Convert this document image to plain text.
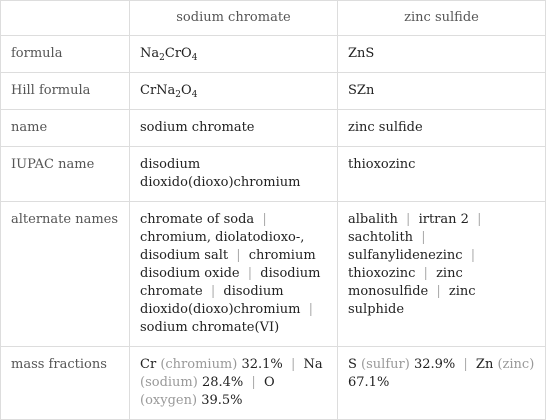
	sodium chromate	zinc sulfide
formula	$Na_2CrO_4$	ZnS
Hill formula	$CrNa_2O_4$	SZn
name	sodium chromate	zinc sulfide
IUPAC name	disodium dioxido(dioxo)chromium	thioxozinc
alternate names	chromate of soda | chromium, diolatodioxo-, disodium salt | chromium disodium oxide | disodium chromate | disodium dioxido(dioxo)chromium | sodium chromate(VI)	albalith | irtran 2 | sachtolith | sulfanylidenezinc | thioxozinc | zinc monosulfide | zinc sulphide
mass fractions	Cr (chromium) 32.1% | Na (sodium) 28.4% | O (oxygen) 39.5%	S (sulfur) 32.9% | Zn (zinc) 67.1%
